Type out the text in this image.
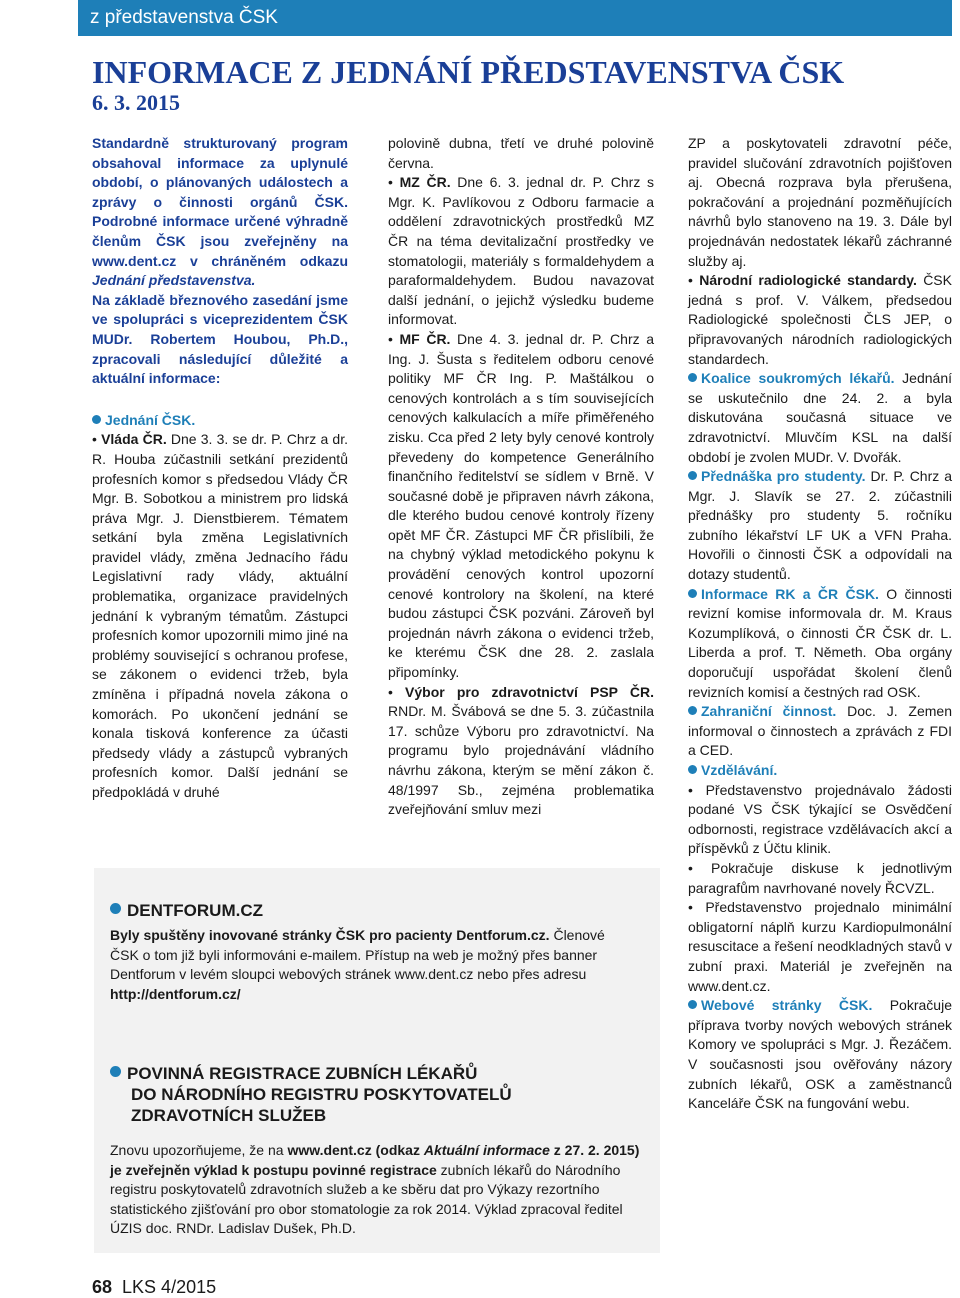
z představenstva ČSK
INFORMACE Z JEDNÁNÍ PŘEDSTAVENSTVA ČSK
6. 3. 2015

Standardně strukturovaný program obsahoval informace za uplynulé období, o plánovaných událostech a zprávy o činnosti orgánů ČSK. Podrobné informace určené výhradně členům ČSK jsou zveřejněny na www.dent.cz v chráněném odkazu Jednání představenstva.

Na základě březnového zasedání jsme ve spolupráci s viceprezidentem ČSK MUDr. Robertem Houbou, Ph.D., zpracovali následující důležité a aktuální informace:

Jednání ČSK.

• Vláda ČR. Dne 3. 3. se dr. P. Chrz a dr. R. Houba zúčastnili setkání prezidentů profesních komor s předsedou Vlády ČR Mgr. B. Sobotkou a ministrem pro lidská práva Mgr. J. Dienstbierem. Tématem setkání byla změna Legislativních pravidel vlády, změna Jednacího řádu Legislativní rady vlády, aktuální problematika, organizace pravidelných jednání k vybraným tématům. Zástupci profesních komor upozornili mimo jiné na problémy související s ochranou profese, se zákonem o evidenci tržeb, byla zmíněna i případná novela zákona o komorách. Po ukončení jednání se konala tisková konference za účasti předsedy vlády a zástupců vybraných profesních komor. Další jednání se předpokládá v druhé

polovině dubna, třetí ve druhé polovině června.

• MZ ČR. Dne 6. 3. jednal dr. P. Chrz s Mgr. K. Pavlíkovou z Odboru farmacie a oddělení zdravotnických prostředků MZ ČR na téma devitalizační prostředky ve stomatologii, materiály s formaldehydem a paraformaldehydem. Budou navazovat další jednání, o jejichž výsledku budeme informovat.

• MF ČR. Dne 4. 3. jednal dr. P. Chrz a Ing. J. Šusta s ředitelem odboru cenové politiky MF ČR Ing. P. Maštálkou o cenových kontrolách a s tím souvisejících cenových kalkulacích a míře přiměřeného zisku. Cca před 2 lety byly cenové kontroly převedeny do kompetence Generálního finančního ředitelství se sídlem v Brně. V současné době je připraven návrh zákona, dle kterého budou cenové kontroly řízeny opět MF ČR. Zástupci MF ČR přislíbili, že na chybný výklad metodického pokynu k provádění cenových kontrol upozorní cenové kontrolory na školení, na které budou zástupci ČSK pozváni. Zároveň byl projednán návrh zákona o evidenci tržeb, ke kterému ČSK dne 28. 2. zaslala připomínky.

• Výbor pro zdravotnictví PSP ČR. RNDr. M. Švábová se dne 5. 3. zúčastnila 17. schůze Výboru pro zdravotnictví. Na programu bylo projednávání vládního návrhu zákona, kterým se mění zákon č. 48/1997 Sb., zejména problematika zveřejňování smluv mezi

ZP a poskytovateli zdravotní péče, pravidel slučování zdravotních pojišťoven aj. Obecná rozprava byla přerušena, pokračování a projednání pozměňujících návrhů bylo stanoveno na 19. 3. Dále byl projednáván nedostatek lékařů záchranné služby aj.

• Národní radiologické standardy. ČSK jedná s prof. V. Válkem, předsedou Radiologické společnosti ČLS JEP, o připravovaných národních radiologických standardech.

Koalice soukromých lékařů. Jednání se uskutečnilo dne 24. 2. a byla diskutována současná situace ve zdravotnictví. Mluvčím KSL na další období je zvolen MUDr. V. Dvořák.

Přednáška pro studenty. Dr. P. Chrz a Mgr. J. Slavík se 27. 2. zúčastnili přednášky pro studenty 5. ročníku zubního lékařství LF UK a VFN Praha. Hovořili o činnosti ČSK a odpovídali na dotazy studentů.

Informace RK a ČR ČSK. O činnosti revizní komise informovala dr. M. Kraus Kozumplíková, o činnosti ČR ČSK dr. L. Liberda a prof. T. Němeth. Oba orgány doporučují uspořádat školení členů revizních komisí a čestných rad OSK.

Zahraniční činnost. Doc. J. Zemen informoval o činnostech a zprávách z FDI a CED.

Vzdělávání.

• Představenstvo projednávalo žádosti podané VS ČSK týkající se Osvědčení odbornosti, registrace vzdělávacích akcí a příspěvků z Účtu klinik.

• Pokračuje diskuse k jednotlivým paragrafům navrhované novely ŘCVZL.

• Představenstvo projednalo minimální obligatorní náplň kurzu Kardiopulmonální resuscitace a řešení neodkladných stavů v zubní praxi. Materiál je zveřejněn na www.dent.cz.

Webové stránky ČSK. Pokračuje příprava tvorby nových webových stránek Komory ve spolupráci s Mgr. J. Řezáčem. V současnosti jsou ověřovány názory zubních lékařů, OSK a zaměstnanců Kanceláře ČSK na fungování webu.

DENTFORUM.CZ
Byly spuštěny inovované stránky ČSK pro pacienty Dentforum.cz. Členové ČSK o tom již byli informováni e-mailem. Přístup na web je možný přes banner Dentforum v levém sloupci webových stránek www.dent.cz nebo přes adresu http://dentforum.cz/
POVINNÁ REGISTRACE ZUBNÍCH LÉKAŘŮ
DO NÁRODNÍHO REGISTRU POSKYTOVATELŮ
ZDRAVOTNÍCH SLUŽEB
Znovu upozorňujeme, že na www.dent.cz (odkaz Aktuální informace z 27. 2. 2015) je zveřejněn výklad k postupu povinné registrace zubních lékařů do Národního registru poskytovatelů zdravotních služeb a ke sběru dat pro Výkazy rezortního statistického zjišťování pro obor stomatologie za rok 2014. Výklad zpracoval ředitel ÚZIS doc. RNDr. Ladislav Dušek, Ph.D.
68 LKS 4/2015
